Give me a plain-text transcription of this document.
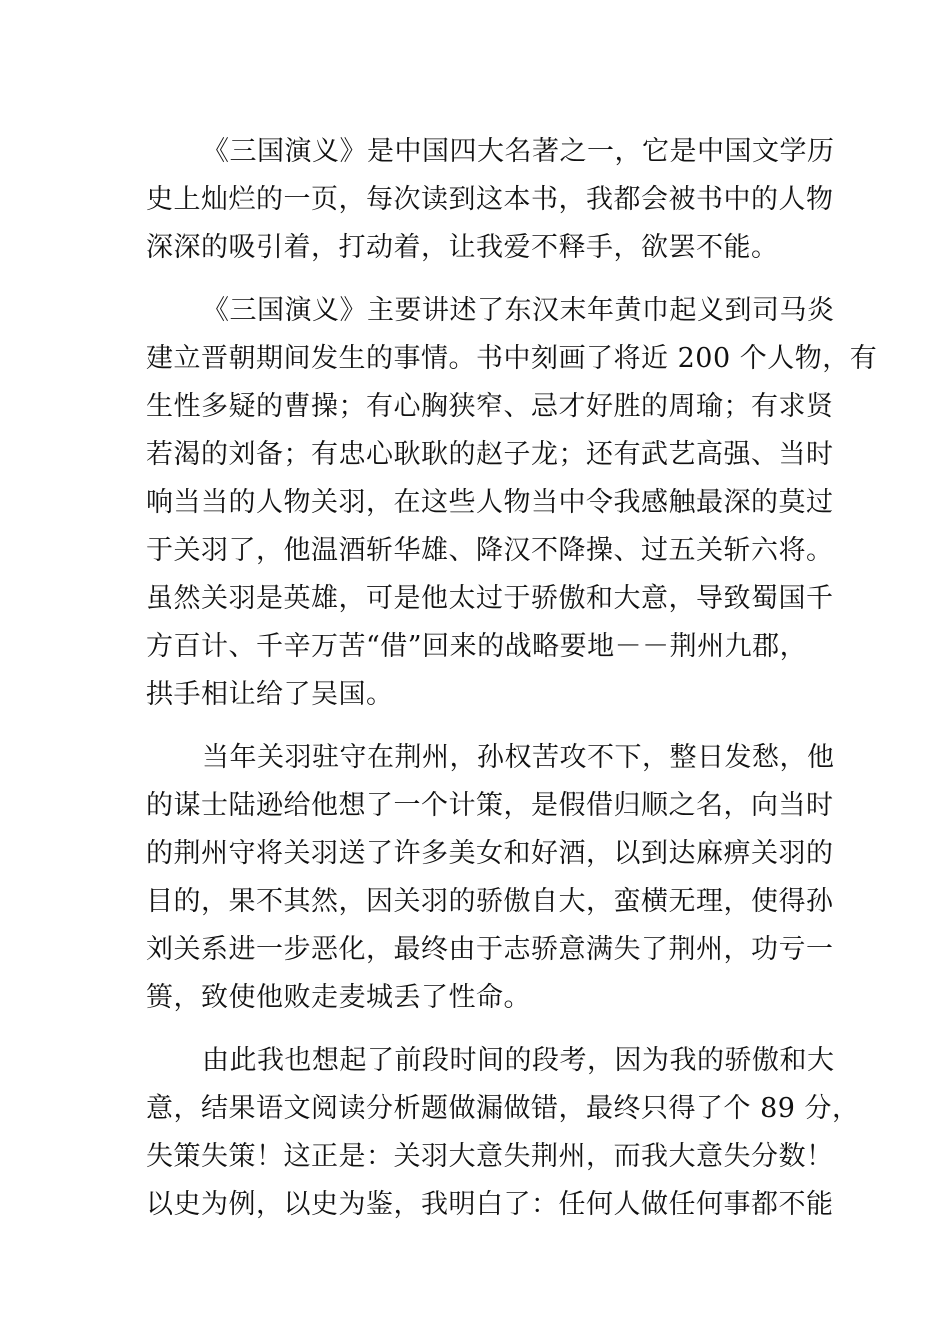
《三国演义》是中国四大名著之一，它是中国文学历
史上灿烂的一页，每次读到这本书，我都会被书中的人物
深深的吸引着，打动着，让我爱不释手，欲罢不能。
《三国演义》主要讲述了东汉末年黄巾起义到司马炎
建立晋朝期间发生的事情。书中刻画了将近 200 个人物，有
生性多疑的曹操；有心胸狭窄、忌才好胜的周瑜；有求贤
若渴的刘备；有忠心耿耿的赵子龙；还有武艺高强、当时
响当当的人物关羽，在这些人物当中令我感触最深的莫过
于关羽了，他温酒斩华雄、降汉不降操、过五关斩六将。
虽然关羽是英雄，可是他太过于骄傲和大意，导致蜀国千
方百计、千辛万苦“借”回来的战略要地－－荆州九郡，
拱手相让给了吴国。
当年关羽驻守在荆州，孙权苦攻不下，整日发愁，他
的谋士陆逊给他想了一个计策，是假借归顺之名，向当时
的荆州守将关羽送了许多美女和好酒，以到达麻痹关羽的
目的，果不其然，因关羽的骄傲自大，蛮横无理，使得孙
刘关系进一步恶化，最终由于志骄意满失了荆州，功亏一
篑，致使他败走麦城丢了性命。
由此我也想起了前段时间的段考，因为我的骄傲和大
意，结果语文阅读分析题做漏做错，最终只得了个 89 分，
失策失策！这正是：关羽大意失荆州，而我大意失分数！
以史为例，以史为鉴，我明白了：任何人做任何事都不能
